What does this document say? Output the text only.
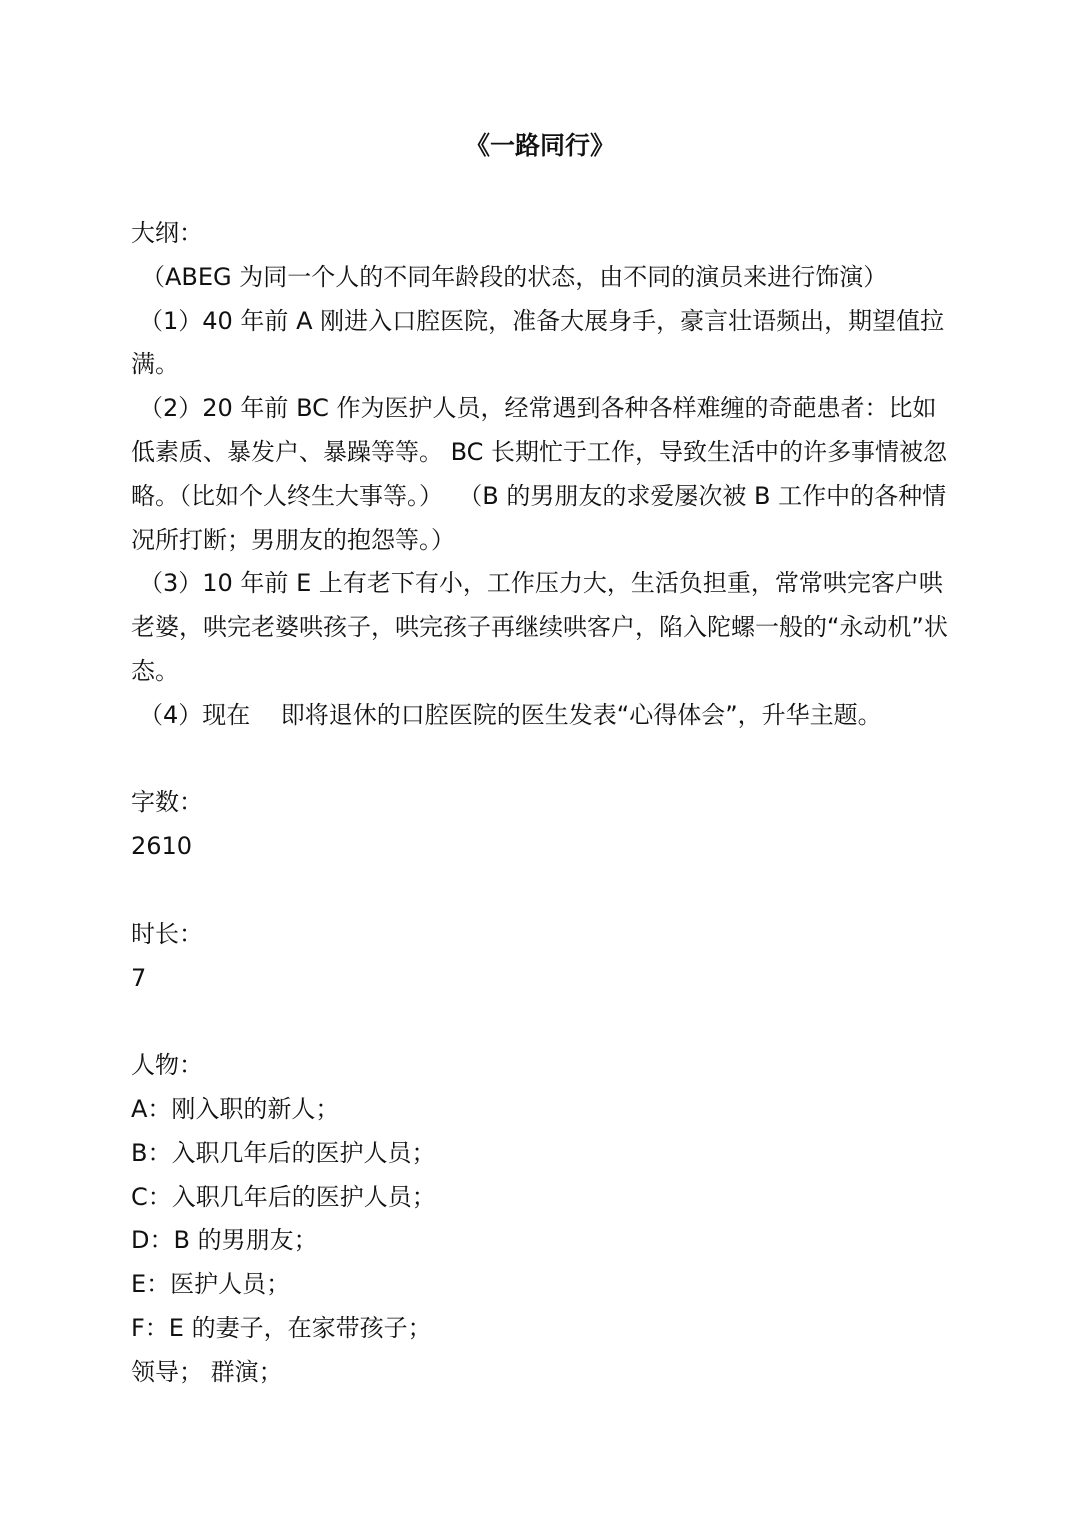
《一路同行》
大纲：
（ABEG 为同一个人的不同年龄段的状态，由不同的演员来进行饰演）
（1）40 年前 A 刚进入口腔医院，准备大展身手，豪言壮语频出，期望值拉满。
（2）20 年前 BC 作为医护人员，经常遇到各种各样难缠的奇葩患者：比如低素质、暴发户、暴躁等等。 BC 长期忙于工作，导致生活中的许多事情被忽略。（比如个人终生大事等。）  （B 的男朋友的求爱屡次被 B 工作中的各种情况所打断；男朋友的抱怨等。）
（3）10 年前 E 上有老下有小，工作压力大，生活负担重，常常哄完客户哄老婆，哄完老婆哄孩子，哄完孩子再继续哄客户，陷入陀螺一般的“永动机”状态。
（4）现在    即将退休的口腔医院的医生发表“心得体会”，升华主题。
字数：
2610
时长：
7
人物：
A：刚入职的新人；
B：入职几年后的医护人员；
C：入职几年后的医护人员；
D：B 的男朋友；
E：医护人员；
F：E 的妻子，在家带孩子；
领导； 群演；
